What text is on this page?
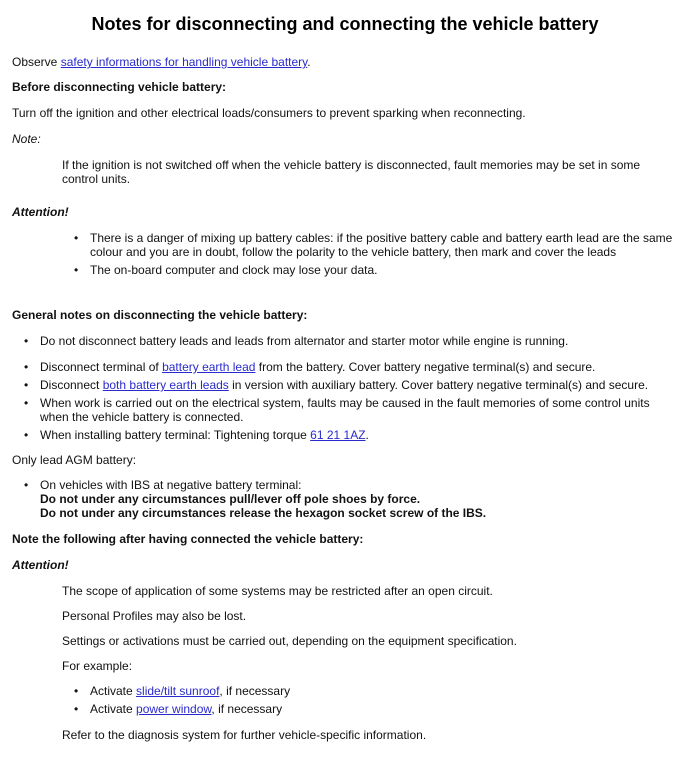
Notes for disconnecting and connecting the vehicle battery

Observe safety informations for handling vehicle battery.

Before disconnecting vehicle battery:

Turn off the ignition and other electrical loads/consumers to prevent sparking when reconnecting.

Note:

If the ignition is not switched off when the vehicle battery is disconnected, fault memories may be set in some control units.

Attention!

• There is a danger of mixing up battery cables: if the positive battery cable and battery earth lead are the same colour and you are in doubt, follow the polarity to the vehicle battery, then mark and cover the leads
• The on-board computer and clock may lose your data.

General notes on disconnecting the vehicle battery:

• Do not disconnect battery leads and leads from alternator and starter motor while engine is running.
• Disconnect terminal of battery earth lead from the battery. Cover battery negative terminal(s) and secure.
• Disconnect both battery earth leads in version with auxiliary battery. Cover battery negative terminal(s) and secure.
• When work is carried out on the electrical system, faults may be caused in the fault memories of some control units when the vehicle battery is connected.
• When installing battery terminal: Tightening torque 61 21 1AZ.

Only lead AGM battery:

• On vehicles with IBS at negative battery terminal:
Do not under any circumstances pull/lever off pole shoes by force.
Do not under any circumstances release the hexagon socket screw of the IBS.

Note the following after having connected the vehicle battery:

Attention!

The scope of application of some systems may be restricted after an open circuit.

Personal Profiles may also be lost.

Settings or activations must be carried out, depending on the equipment specification.

For example:

• Activate slide/tilt sunroof, if necessary
• Activate power window, if necessary

Refer to the diagnosis system for further vehicle-specific information.
